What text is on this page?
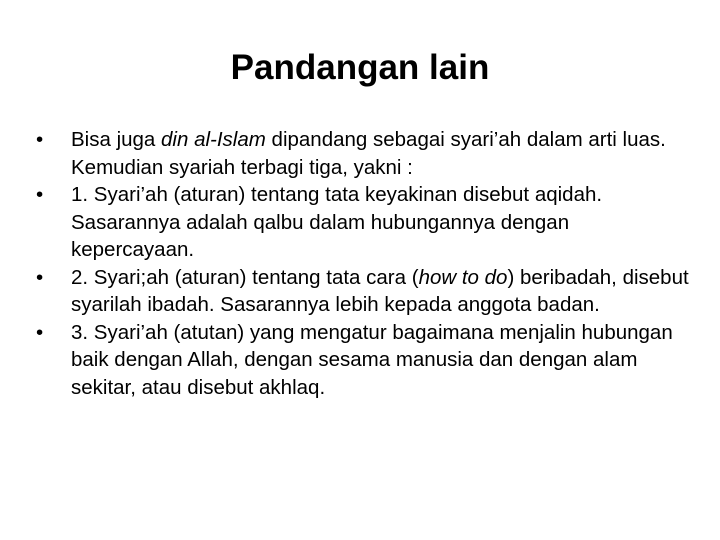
Pandangan lain
•	Bisa juga din al-Islam dipandang sebagai syari’ah dalam arti luas. Kemudian syariah terbagi tiga, yakni :
•	1. Syari’ah (aturan) tentang tata keyakinan disebut aqidah. Sasarannya adalah qalbu dalam hubungannya dengan kepercayaan.
•	2. Syari;ah (aturan) tentang tata cara (how to do) beribadah, disebut syarilah ibadah. Sasarannya lebih kepada anggota badan.
•	3. Syari’ah (atutan) yang mengatur bagaimana menjalin hubungan baik dengan Allah, dengan sesama manusia dan dengan alam sekitar, atau disebut akhlaq.
